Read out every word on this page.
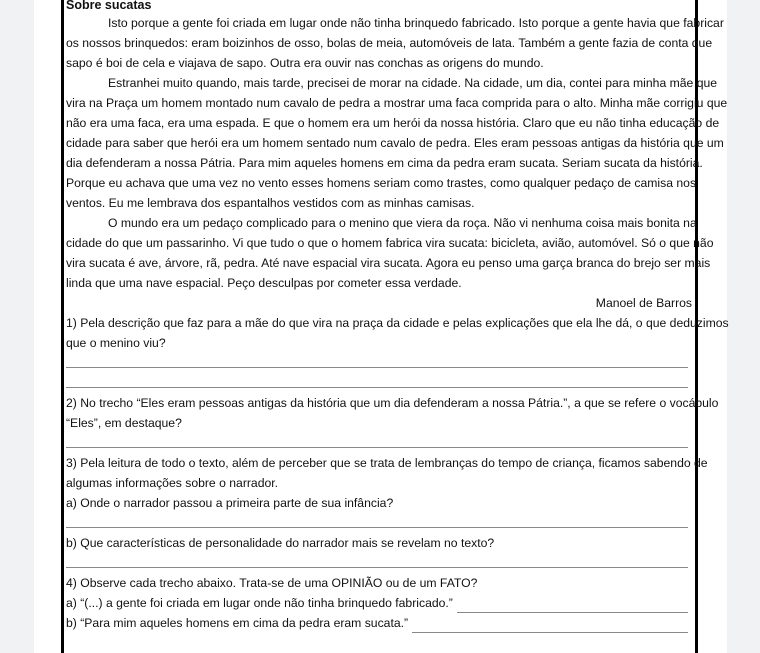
Sobre sucatas
Isto porque a gente foi criada em lugar onde não tinha brinquedo fabricado. Isto porque a gente havia que fabricar
os nossos brinquedos: eram boizinhos de osso, bolas de meia, automóveis de lata. Também a gente fazia de conta que
sapo é boi de cela e viajava de sapo. Outra era ouvir nas conchas as origens do mundo.
Estranhei muito quando, mais tarde, precisei de morar na cidade. Na cidade, um dia, contei para minha mãe que
vira na Praça um homem montado num cavalo de pedra a mostrar uma faca comprida para o alto. Minha mãe corrigiu que
não era uma faca, era uma espada. E que o homem era um herói da nossa história. Claro que eu não tinha educação de
cidade para saber que herói era um homem sentado num cavalo de pedra. Eles eram pessoas antigas da história que um
dia defenderam a nossa Pátria. Para mim aqueles homens em cima da pedra eram sucata. Seriam sucata da história.
Porque eu achava que uma vez no vento esses homens seriam como trastes, como qualquer pedaço de camisa nos
ventos. Eu me lembrava dos espantalhos vestidos com as minhas camisas.
O mundo era um pedaço complicado para o menino que viera da roça. Não vi nenhuma coisa mais bonita na
cidade do que um passarinho. Vi que tudo o que o homem fabrica vira sucata: bicicleta, avião, automóvel. Só o que não
vira sucata é ave, árvore, rã, pedra. Até nave espacial vira sucata. Agora eu penso uma garça branca do brejo ser mais
linda que uma nave espacial. Peço desculpas por cometer essa verdade.
Manoel de Barros
1) Pela descrição que faz para a mãe do que vira na praça da cidade e pelas explicações que ela lhe dá, o que deduzimos
que o menino viu?
2) No trecho “Eles eram pessoas antigas da história que um dia defenderam a nossa Pátria.”, a que se refere o vocábulo
“Eles”, em destaque?
3) Pela leitura de todo o texto, além de perceber que se trata de lembranças do tempo de criança, ficamos sabendo de
algumas informações sobre o narrador.
a) Onde o narrador passou a primeira parte de sua infância?
b) Que características de personalidade do narrador mais se revelam no texto?
4) Observe cada trecho abaixo. Trata-se de uma OPINIÃO ou de um FATO?
a) “(...) a gente foi criada em lugar onde não tinha brinquedo fabricado.”
b) “Para mim aqueles homens em cima da pedra eram sucata.”
